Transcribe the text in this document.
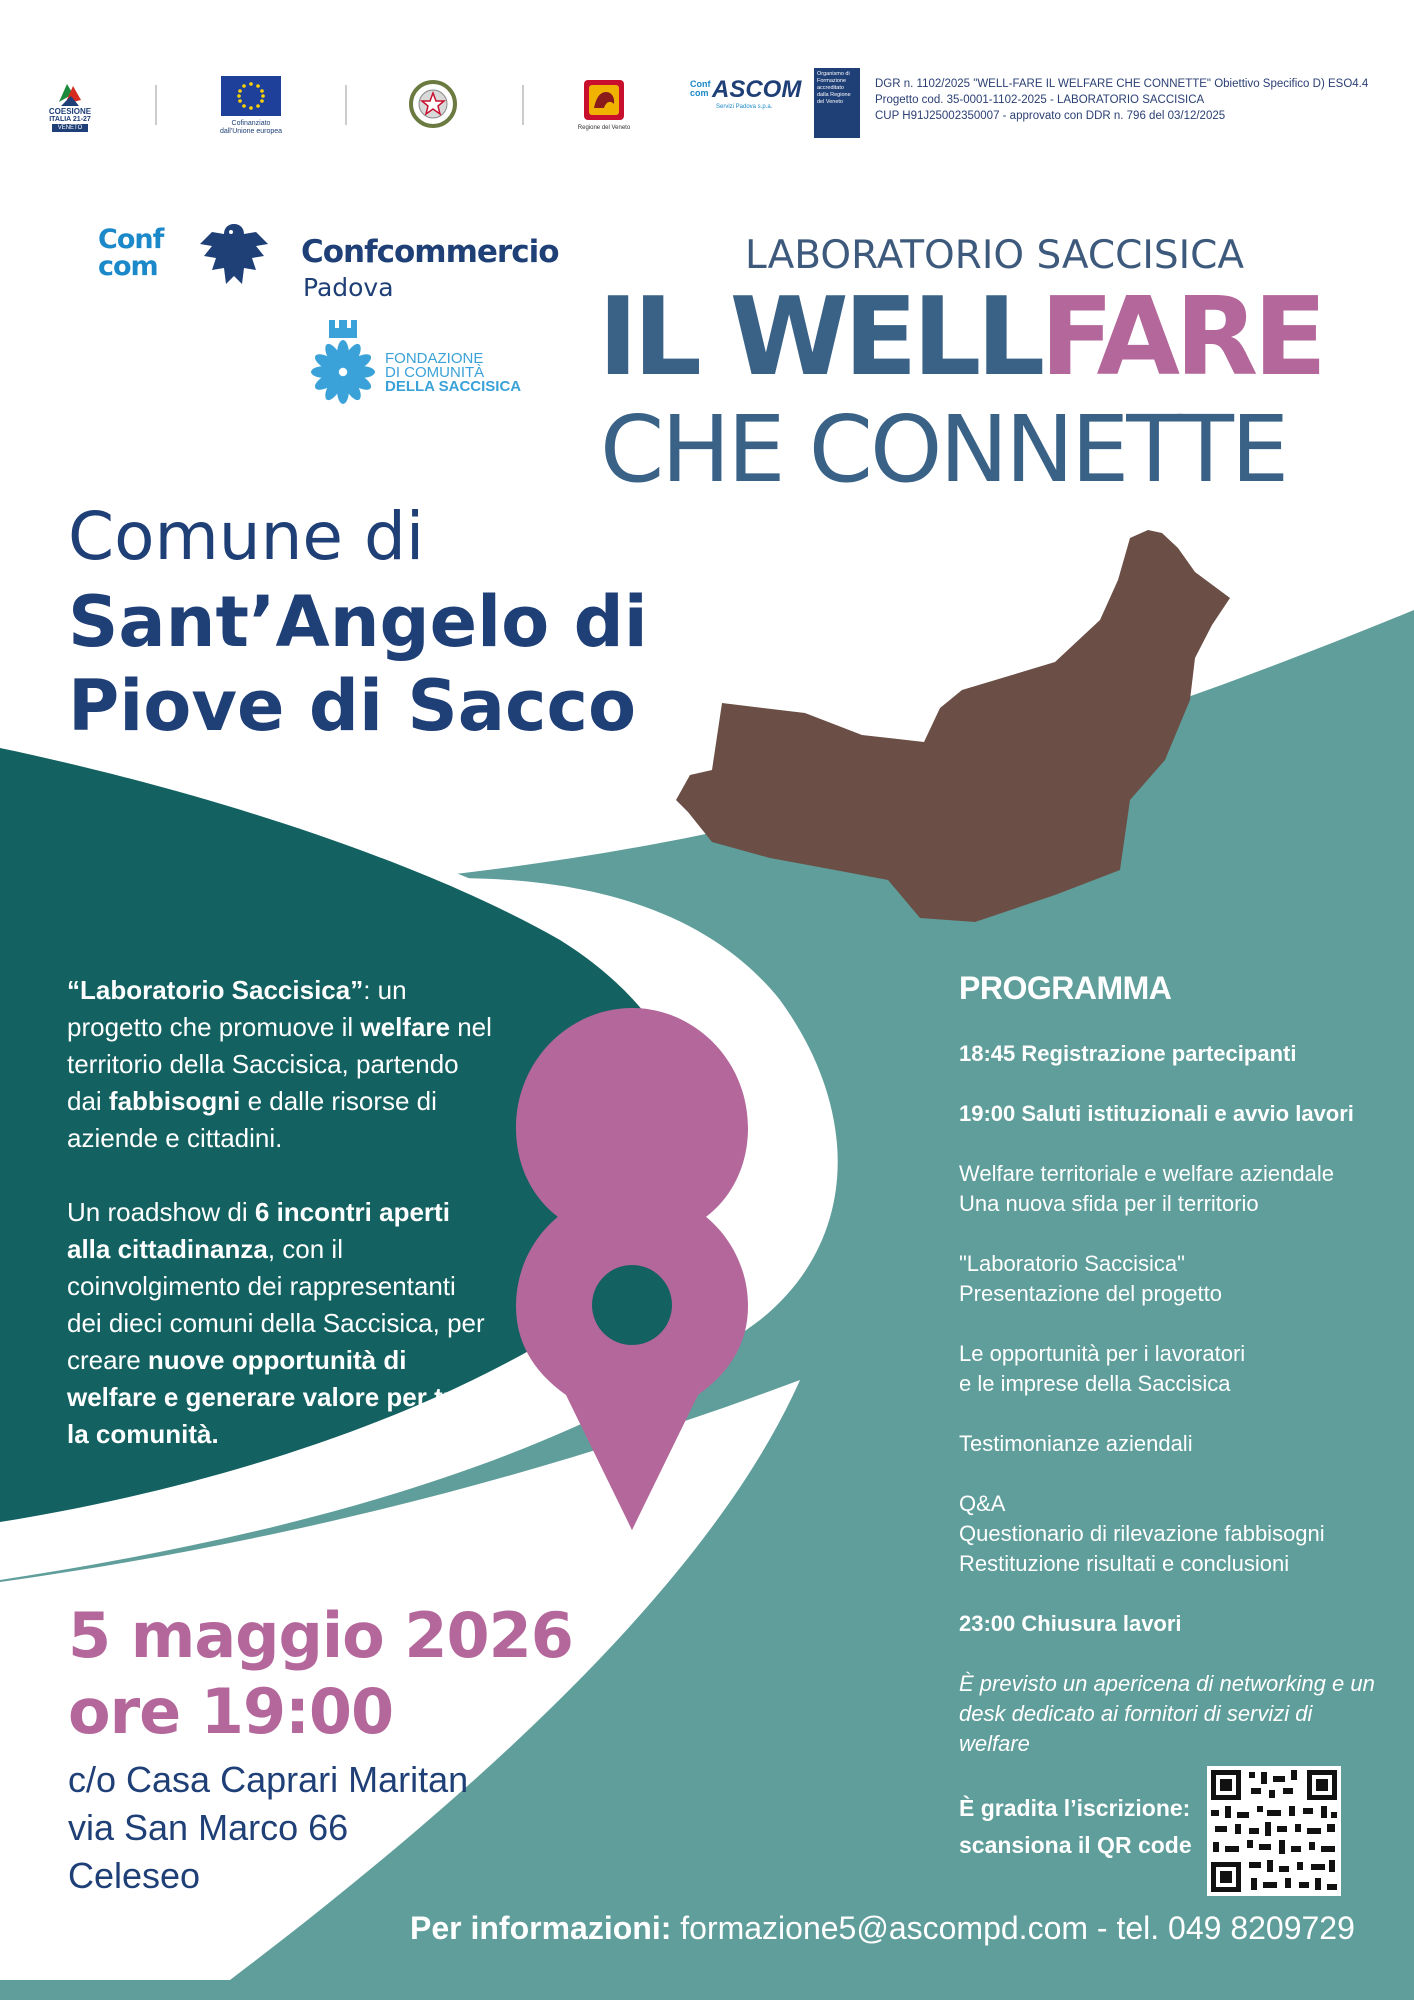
COESIONE
ITALIA 21-27
VENETO
Cofinanziato
dall'Unione europea	Regione del Veneto
Conf com ASCOM
Servizi Padova s.p.a.
Organismo di Formazione accreditato dalla Regione del Veneto
DGR n. 1102/2025 "WELL-FARE IL WELFARE CHE CONNETTE" Obiettivo Specifico D) ESO4.4
Progetto cod. 35-0001-1102-2025 - LABORATORIO SACCISICA
CUP H91J25002350007 - approvato con DDR n. 796 del 03/12/2025
Conf
com	Confcommercio
Padova
FONDAZIONE
DI COMUNITÀ
DELLA SACCISICA
LABORATORIO SACCISICA
IL WELLFARE
CHE CONNETTE
Comune di
Sant’Angelo di
Piove di Sacco

“Laboratorio Saccisica”: un progetto che promuove il welfare nel territorio della Saccisica, partendo dai fabbisogni e dalle risorse di aziende e cittadini.

Un roadshow di 6 incontri aperti alla cittadinanza, con il coinvolgimento dei rappresentanti dei dieci comuni della Saccisica, per creare nuove opportunità di welfare e generare valore per tutta la comunità.

PROGRAMMA
18:45 Registrazione partecipanti
19:00 Saluti istituzionali e avvio lavori
Welfare territoriale e welfare aziendale
Una nuova sfida per il territorio
"Laboratorio Saccisica"
Presentazione del progetto
Le opportunità per i lavoratori
e le imprese della Saccisica
Testimonianze aziendali
Q&A
Questionario di rilevazione fabbisogni
Restituzione risultati e conclusioni
23:00 Chiusura lavori
È previsto un apericena di networking e un
desk dedicato ai fornitori di servizi di welfare
5 maggio 2026
ore 19:00
c/o Casa Caprari Maritan
via San Marco 66
Celeseo
È gradita l’iscrizione:
scansiona il QR code
Per informazioni: formazione5@ascompd.com - tel. 049 8209729
